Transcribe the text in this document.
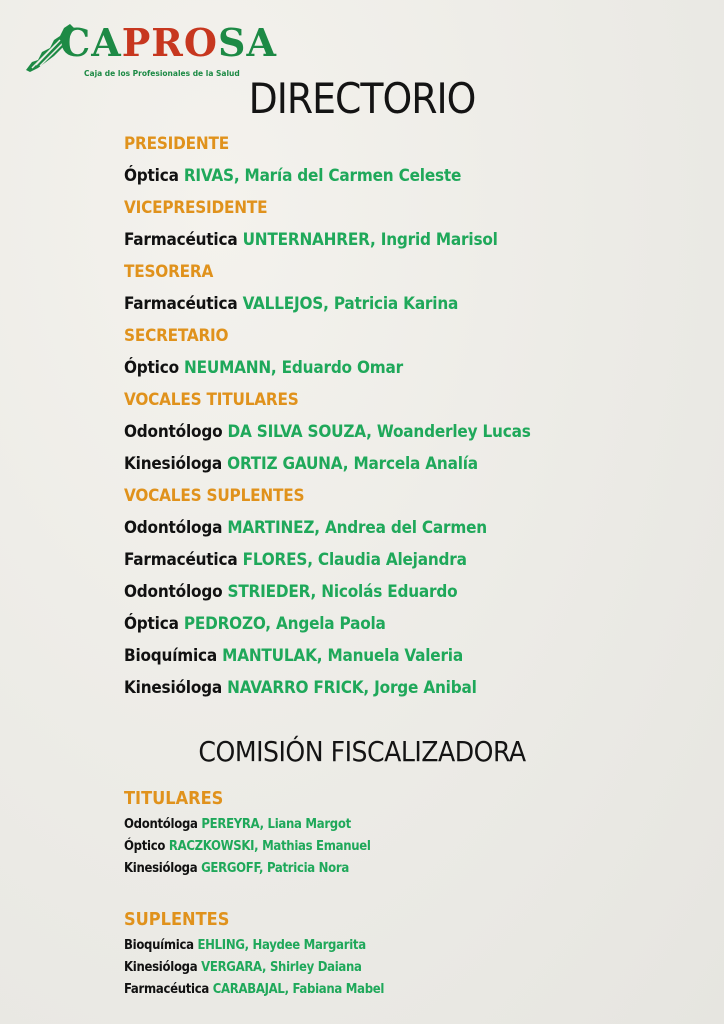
CAPROSA
Caja de los Profesionales de la Salud
DIRECTORIO
PRESIDENTE
Óptica RIVAS, María del Carmen Celeste
VICEPRESIDENTE
Farmacéutica UNTERNAHRER, Ingrid Marisol
TESORERA
Farmacéutica VALLEJOS, Patricia Karina
SECRETARIO
Óptico NEUMANN, Eduardo Omar
VOCALES TITULARES
Odontólogo DA SILVA SOUZA, Woanderley Lucas
Kinesióloga ORTIZ GAUNA, Marcela Analía
VOCALES SUPLENTES
Odontóloga MARTINEZ, Andrea del Carmen
Farmacéutica FLORES, Claudia Alejandra
Odontólogo STRIEDER, Nicolás Eduardo
Óptica PEDROZO, Angela Paola
Bioquímica MANTULAK, Manuela Valeria
Kinesióloga NAVARRO FRICK, Jorge Anibal
COMISIÓN FISCALIZADORA
TITULARES
Odontóloga PEREYRA, Liana Margot
Óptico RACZKOWSKI, Mathias Emanuel
Kinesióloga GERGOFF, Patricia Nora
SUPLENTES
Bioquímica EHLING, Haydee Margarita
Kinesióloga VERGARA, Shirley Daiana
Farmacéutica CARABAJAL, Fabiana Mabel
